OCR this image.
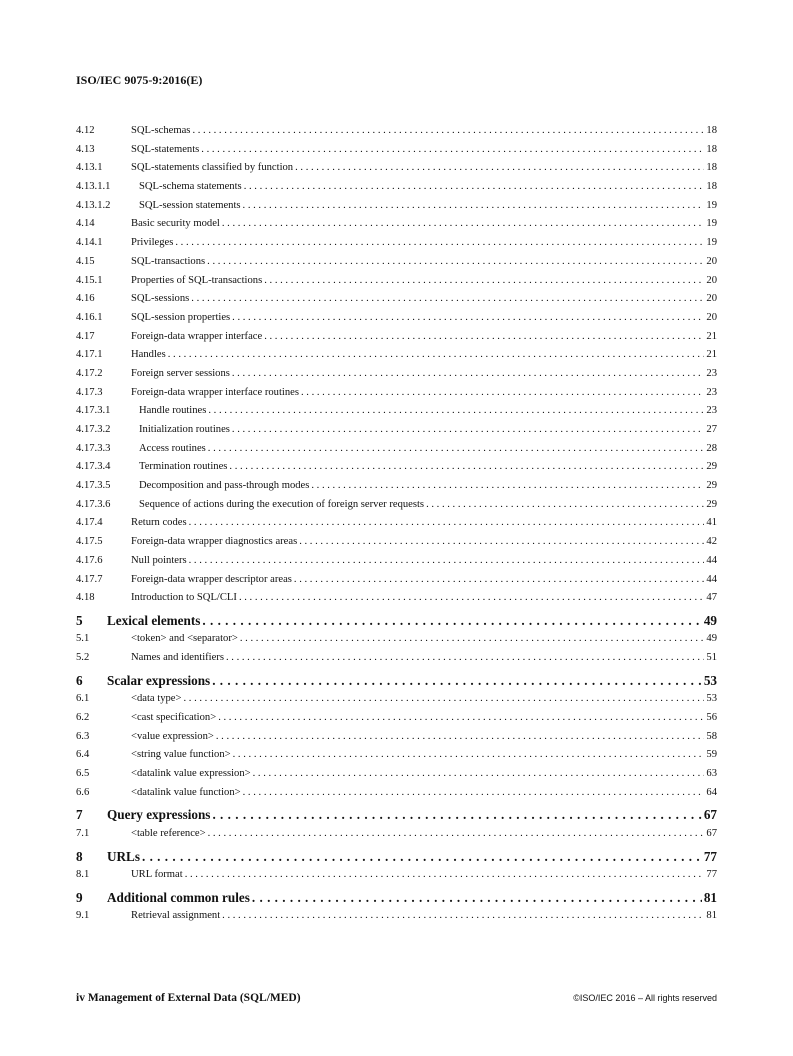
ISO/IEC 9075-9:2016(E)
4.12	SQL-schemas . . .	18
4.13	SQL-statements . . .	18
4.13.1	SQL-statements classified by function . . .	18
4.13.1.1	SQL-schema statements . . .	18
4.13.1.2	SQL-session statements . . .	19
4.14	Basic security model . . .	19
4.14.1	Privileges . . .	19
4.15	SQL-transactions . . .	20
4.15.1	Properties of SQL-transactions . . .	20
4.16	SQL-sessions . . .	20
4.16.1	SQL-session properties . . .	20
4.17	Foreign-data wrapper interface . . .	21
4.17.1	Handles . . .	21
4.17.2	Foreign server sessions . . .	23
4.17.3	Foreign-data wrapper interface routines . . .	23
4.17.3.1	Handle routines . . .	23
4.17.3.2	Initialization routines . . .	27
4.17.3.3	Access routines . . .	28
4.17.3.4	Termination routines . . .	29
4.17.3.5	Decomposition and pass-through modes . . .	29
4.17.3.6	Sequence of actions during the execution of foreign server requests . . .	29
4.17.4	Return codes . . .	41
4.17.5	Foreign-data wrapper diagnostics areas . . .	42
4.17.6	Null pointers . . .	44
4.17.7	Foreign-data wrapper descriptor areas . . .	44
4.18	Introduction to SQL/CLI . . .	47
5	Lexical elements . . .	49
5.1	<token> and <separator> . . .	49
5.2	Names and identifiers . . .	51
6	Scalar expressions . . .	53
6.1	<data type> . . .	53
6.2	<cast specification> . . .	56
6.3	<value expression> . . .	58
6.4	<string value function> . . .	59
6.5	<datalink value expression> . . .	63
6.6	<datalink value function> . . .	64
7	Query expressions . . .	67
7.1	<table reference> . . .	67
8	URLs . . .	77
8.1	URL format . . .	77
9	Additional common rules . . .	81
9.1	Retrieval assignment . . .	81
iv Management of External Data (SQL/MED)	©ISO/IEC 2016 – All rights reserved
